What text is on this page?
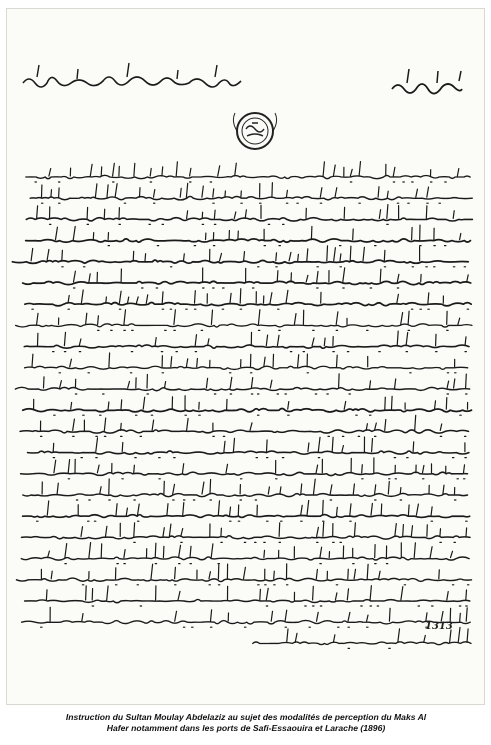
1313
Instruction du Sultan Moulay Abdelaziz au sujet des modalités de perception du Maks Al
Hafer notamment dans les ports de Safi-Essaouira et Larache (1896)
